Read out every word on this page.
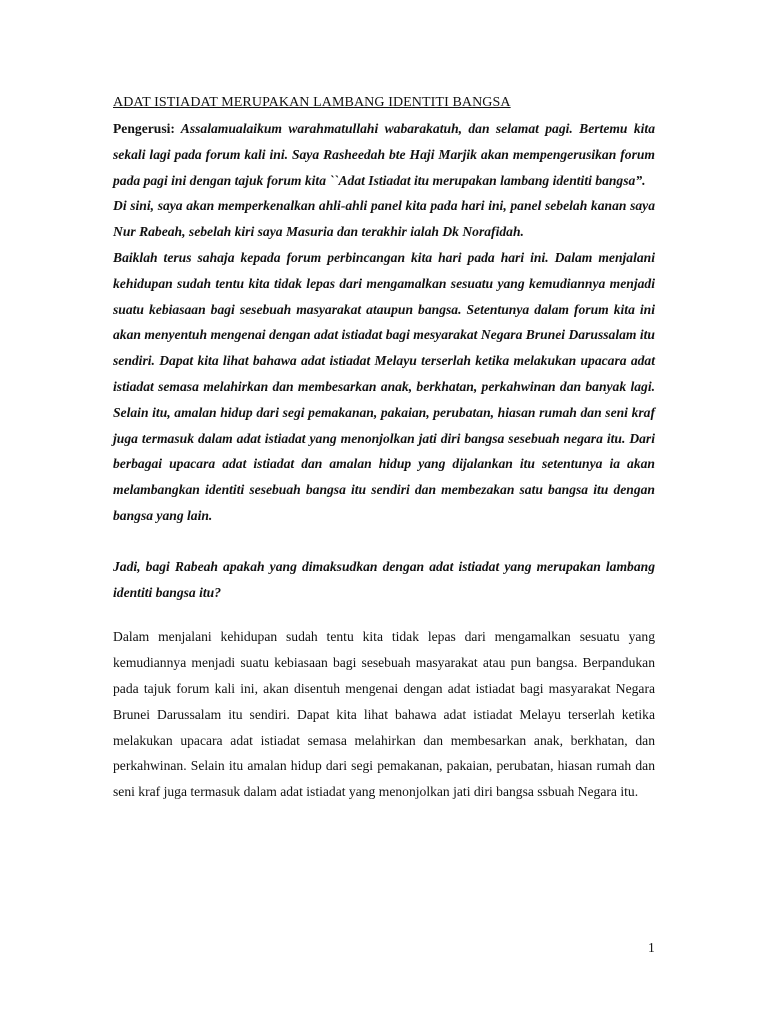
ADAT ISTIADAT MERUPAKAN LAMBANG IDENTITI BANGSA

Pengerusi: Assalamualaikum warahmatullahi wabarakatuh, dan selamat pagi. Bertemu kita sekali lagi pada forum kali ini. Saya Rasheedah bte Haji Marjik akan mempengerusikan forum pada pagi ini dengan tajuk forum kita ``Adat Istiadat itu merupakan lambang identiti bangsa”.

Di sini, saya akan memperkenalkan ahli-ahli panel kita pada hari ini, panel sebelah kanan saya Nur Rabeah, sebelah kiri saya Masuria dan terakhir ialah Dk Norafidah.

Baiklah terus sahaja kepada forum perbincangan kita hari pada hari ini. Dalam menjalani kehidupan sudah tentu kita tidak lepas dari mengamalkan sesuatu yang kemudiannya menjadi suatu kebiasaan bagi sesebuah masyarakat ataupun bangsa. Setentunya dalam forum kita ini akan menyentuh mengenai dengan adat istiadat bagi mesyarakat Negara Brunei Darussalam itu sendiri. Dapat kita lihat bahawa adat istiadat Melayu terserlah ketika melakukan upacara adat istiadat semasa melahirkan dan membesarkan anak, berkhatan, perkahwinan dan banyak lagi. Selain itu, amalan hidup dari segi pemakanan, pakaian, perubatan, hiasan rumah dan seni kraf juga termasuk dalam adat istiadat yang menonjolkan jati diri bangsa sesebuah negara itu. Dari berbagai upacara adat istiadat dan amalan hidup yang dijalankan itu setentunya ia akan melambangkan identiti sesebuah bangsa itu sendiri dan membezakan satu bangsa itu dengan bangsa yang lain.

Jadi, bagi Rabeah apakah yang dimaksudkan dengan adat istiadat yang merupakan lambang identiti bangsa itu?

Dalam menjalani kehidupan sudah tentu kita tidak lepas dari mengamalkan sesuatu yang kemudiannya menjadi suatu kebiasaan bagi sesebuah masyarakat atau pun bangsa. Berpandukan pada tajuk forum kali ini, akan disentuh mengenai dengan adat istiadat bagi masyarakat Negara Brunei Darussalam itu sendiri. Dapat kita lihat bahawa adat istiadat Melayu terserlah ketika melakukan upacara adat istiadat semasa melahirkan dan membesarkan anak, berkhatan, dan perkahwinan. Selain itu amalan hidup dari segi pemakanan, pakaian, perubatan, hiasan rumah dan seni kraf juga termasuk dalam adat istiadat yang menonjolkan jati diri bangsa ssbuah Negara itu.

1
